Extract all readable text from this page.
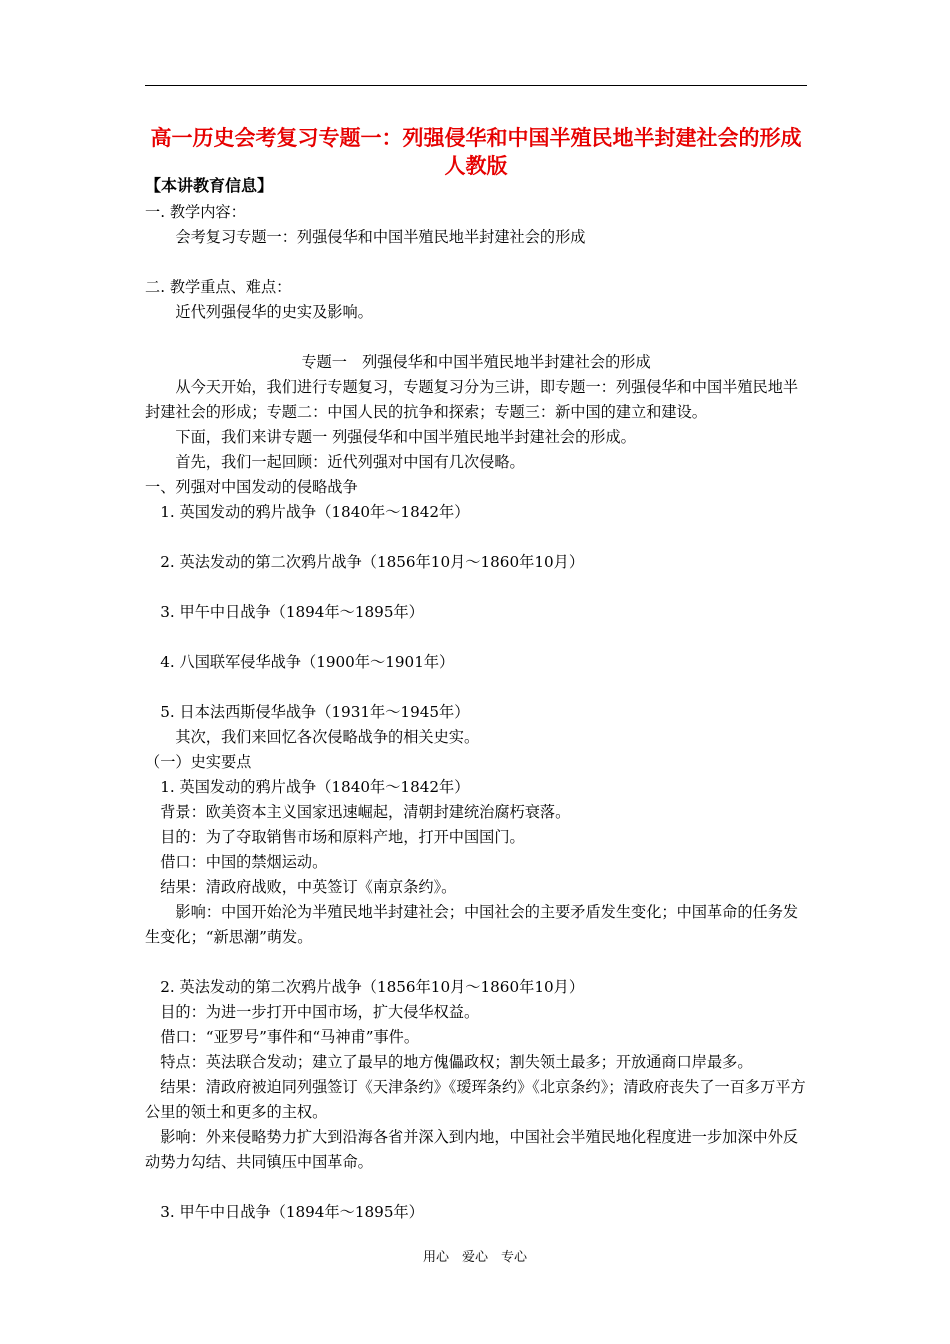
高一历史会考复习专题一：列强侵华和中国半殖民地半封建社会的形成人教版

【本讲教育信息】

一. 教学内容：

会考复习专题一：列强侵华和中国半殖民地半封建社会的形成

二. 教学重点、难点：

近代列强侵华的史实及影响。

专题一　列强侵华和中国半殖民地半封建社会的形成

从今天开始，我们进行专题复习，专题复习分为三讲，即专题一：列强侵华和中国半殖民地半封建社会的形成；专题二：中国人民的抗争和探索；专题三：新中国的建立和建设。

下面，我们来讲专题一 列强侵华和中国半殖民地半封建社会的形成。

首先，我们一起回顾：近代列强对中国有几次侵略。

一、列强对中国发动的侵略战争

1. 英国发动的鸦片战争（1840年～1842年）

2. 英法发动的第二次鸦片战争（1856年10月～1860年10月）

3. 甲午中日战争（1894年～1895年）

4. 八国联军侵华战争（1900年～1901年）

5. 日本法西斯侵华战争（1931年～1945年）

其次，我们来回忆各次侵略战争的相关史实。

（一）史实要点

1. 英国发动的鸦片战争（1840年～1842年）

背景：欧美资本主义国家迅速崛起，清朝封建统治腐朽衰落。

目的：为了夺取销售市场和原料产地，打开中国国门。

借口：中国的禁烟运动。

结果：清政府战败，中英签订《南京条约》。

影响：中国开始沦为半殖民地半封建社会；中国社会的主要矛盾发生变化；中国革命的任务发生变化；“新思潮”萌发。

2. 英法发动的第二次鸦片战争（1856年10月～1860年10月）

目的：为进一步打开中国市场，扩大侵华权益。

借口：“亚罗号”事件和“马神甫”事件。

特点：英法联合发动；建立了最早的地方傀儡政权；割失领土最多；开放通商口岸最多。

结果：清政府被迫同列强签订《天津条约》《瑷珲条约》《北京条约》；清政府丧失了一百多万平方公里的领土和更多的主权。

影响：外来侵略势力扩大到沿海各省并深入到内地，中国社会半殖民地化程度进一步加深中外反动势力勾结、共同镇压中国革命。

3. 甲午中日战争（1894年～1895年）

用心　爱心　专心
